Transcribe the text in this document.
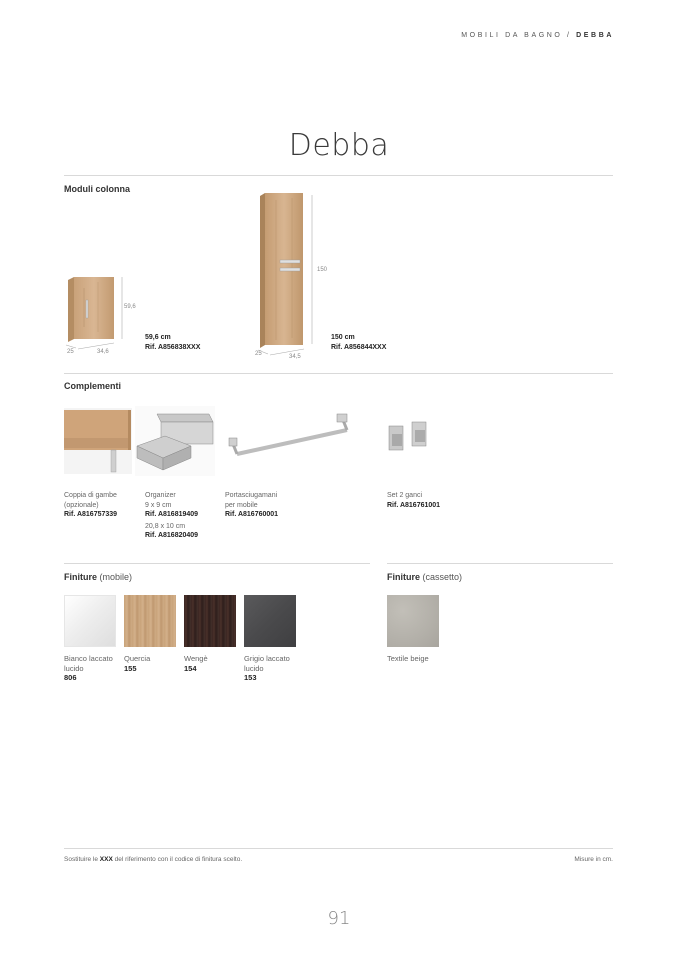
MOBILI DA BAGNO / DEBBA
Debba
Moduli colonna
59,6
25	34,6
59,6 cm
Rif. A856838XXX
150
25	34,5
150 cm
Rif. A856844XXX
Complementi
Coppia di gambe
(opzionale)
Rif. A816757339
Organizer
9 x 9 cm
Rif. A816819409
20,8 x 10 cm
Rif. A816820409
Portasciugamani
per mobile
Rif. A816760001
Set 2 ganci
Rif. A816761001
Finiture (mobile)
Bianco laccato
lucido
806
Quercia
155
Wengè
154
Grigio laccato
lucido
153
Finiture (cassetto)
Textile beige
Sostituire le XXX del riferimento con il codice di finitura scelto.	Misure in cm.
91
